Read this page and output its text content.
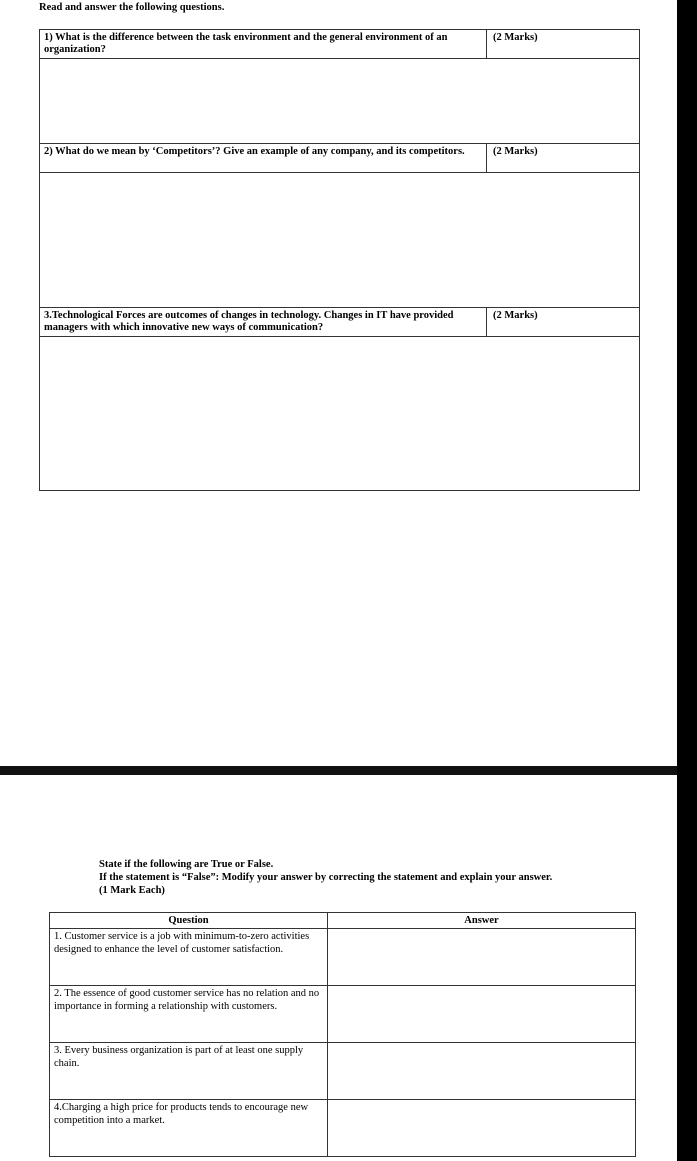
Read and answer the following questions.
1) What is the difference between the task environment and the general environment of an organization?	(2 Marks)

2) What do we mean by ‘Competitors’? Give an example of any company, and its competitors.	(2 Marks)

3.Technological Forces are outcomes of changes in technology. Changes in IT have provided managers with which innovative new ways of communication?	(2 Marks)

State if the following are True or False.
If the statement is “False”: Modify your answer by correcting the statement and explain your answer.
(1 Mark Each)
Question	Answer
1. Customer service is a job with minimum-to-zero activities designed to enhance the level of customer satisfaction.	
2. The essence of good customer service has no relation and no importance in forming a relationship with customers.	
3. Every business organization is part of at least one supply chain.	
4.Charging a high price for products tends to encourage new competition into a market.	
